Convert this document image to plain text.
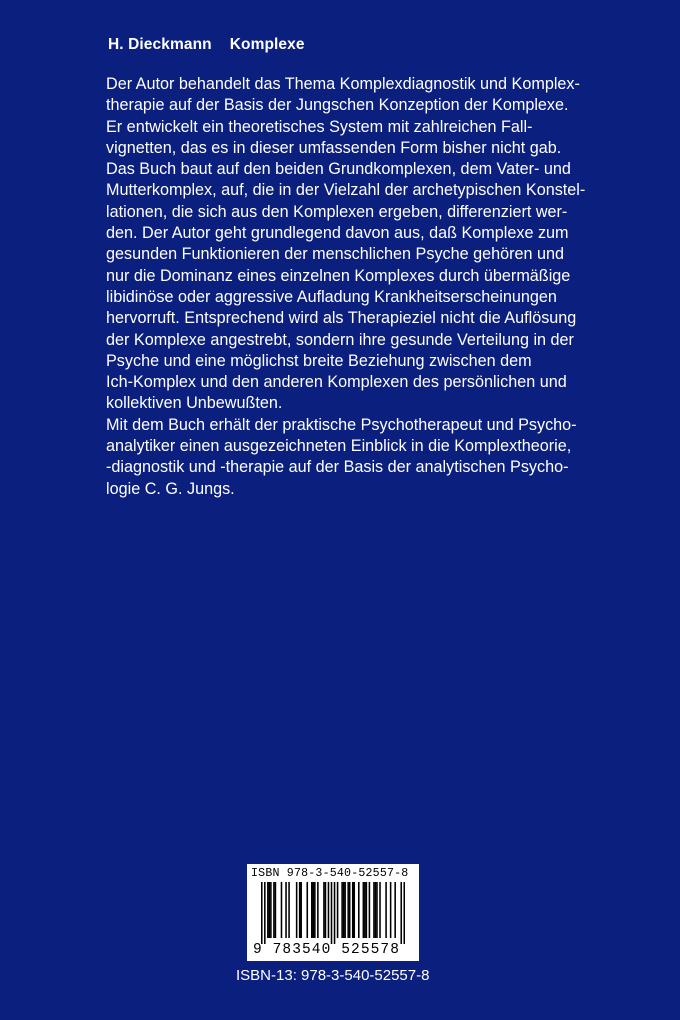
H. Dieckmann Komplexe
Der Autor behandelt das Thema Komplexdiagnostik und Komplex-
therapie auf der Basis der Jungschen Konzeption der Komplexe.
Er entwickelt ein theoretisches System mit zahlreichen Fall-
vignetten, das es in dieser umfassenden Form bisher nicht gab.
Das Buch baut auf den beiden Grundkomplexen, dem Vater- und
Mutterkomplex, auf, die in der Vielzahl der archetypischen Konstel-
lationen, die sich aus den Komplexen ergeben, differenziert wer-
den. Der Autor geht grundlegend davon aus, daß Komplexe zum
gesunden Funktionieren der menschlichen Psyche gehören und
nur die Dominanz eines einzelnen Komplexes durch übermäßige
libidinöse oder aggressive Aufladung Krankheitserscheinungen
hervorruft. Entsprechend wird als Therapieziel nicht die Auflösung
der Komplexe angestrebt, sondern ihre gesunde Verteilung in der
Psyche und eine möglichst breite Beziehung zwischen dem
Ich-Komplex und den anderen Komplexen des persönlichen und
kollektiven Unbewußten.
Mit dem Buch erhält der praktische Psychotherapeut und Psycho-
analytiker einen ausgezeichneten Einblick in die Komplextheorie,
-diagnostik und -therapie auf der Basis der analytischen Psycho-
logie C. G. Jungs.
ISBN 978-3-540-52557-8
9 783540 525578
ISBN-13: 978-3-540-52557-8
